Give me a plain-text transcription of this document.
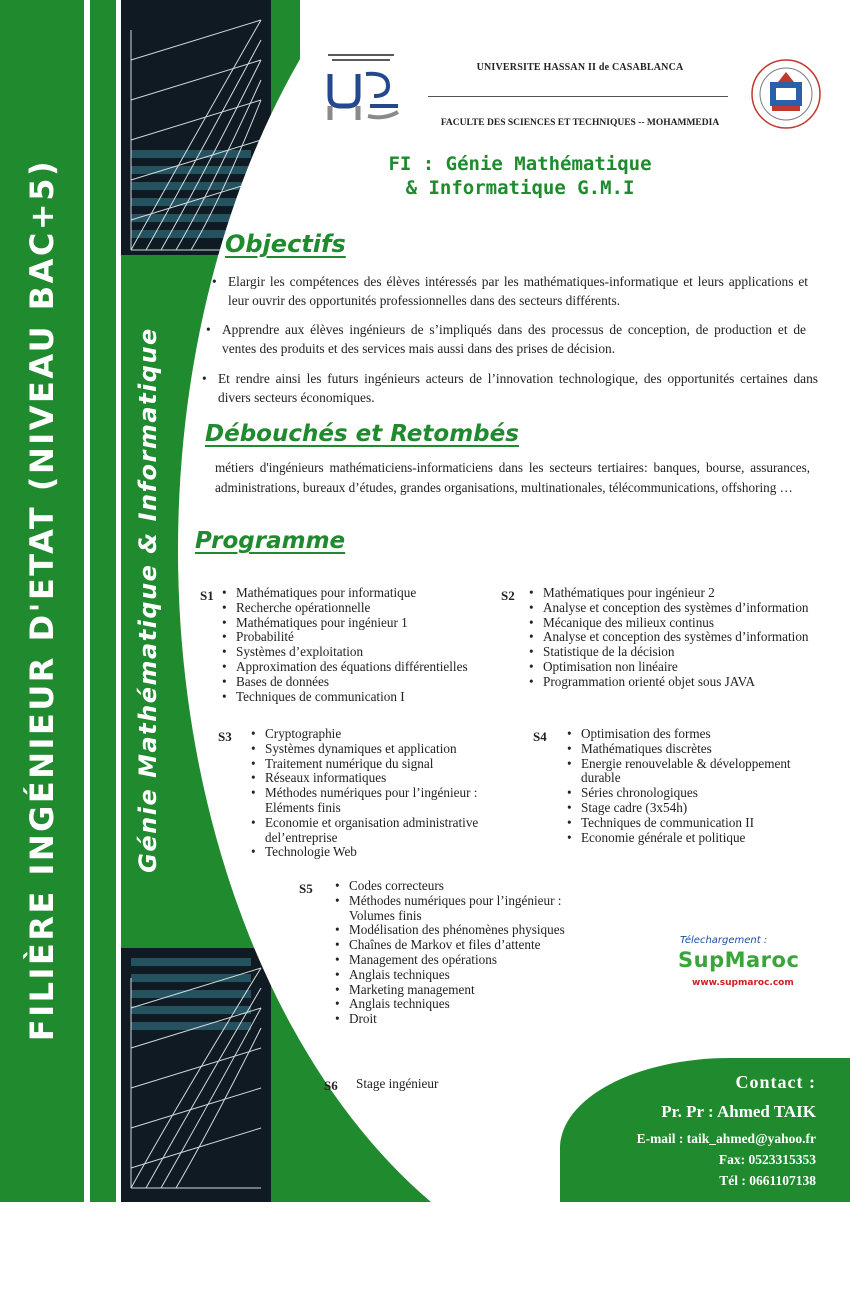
FILIÈRE INGÉNIEUR D'ETAT (NIVEAU BAC+5)	Génie Mathématique & Informatique
UNIVERSITE HASSAN II de CASABLANCA
FACULTE DES SCIENCES ET TECHNIQUES -- MOHAMMEDIA
FI : Génie Mathématique
& Informatique G.M.I
Objectifs
• Elargir les compétences des élèves intéressés par les mathématiques-informatique et leurs applications et leur ouvrir des opportunités professionnelles dans des secteurs différents.
• Apprendre aux élèves ingénieurs de s’impliqués dans des processus de conception, de production et de ventes des produits et des services mais aussi dans des prises de décision.
• Et rendre ainsi les futurs ingénieurs acteurs de l’innovation technologique, des opportunités certaines dans divers secteurs économiques.
Débouchés et Retombés
métiers d'ingénieurs mathématiciens-informaticiens dans les secteurs tertiaires: banques, bourse, assurances, administrations, bureaux d’études, grandes organisations, multinationales, télécommunications, offshoring …
Programme
S1	• Mathématiques pour informatique
• Recherche opérationnelle
• Mathématiques pour ingénieur 1
• Probabilité
• Systèmes d’exploitation
• Approximation des équations différentielles
• Bases de données
• Techniques de communication I
S2	• Mathématiques pour ingénieur 2
• Analyse et conception des systèmes d’information
• Mécanique des milieux continus
• Analyse et conception des systèmes d’information
• Statistique de la décision
• Optimisation non linéaire
• Programmation orienté objet sous JAVA
S3	• Cryptographie
• Systèmes dynamiques et application
• Traitement numérique du signal
• Réseaux informatiques
• Méthodes numériques pour l’ingénieur : Eléments finis
• Economie et organisation administrative del’entreprise
• Technologie Web
S4	• Optimisation des formes
• Mathématiques discrètes
• Energie renouvelable & développement durable
• Séries chronologiques
• Stage cadre (3x54h)
• Techniques de communication II
• Economie générale et politique
S5	• Codes correcteurs
• Méthodes numériques pour l’ingénieur : Volumes finis
• Modélisation des phénomènes physiques
• Chaînes de Markov et files d’attente
• Management des opérations
• Anglais techniques
• Marketing management
• Anglais techniques
• Droit
S6 Stage ingénieur
Télechargement :
SupMaroc
www.supmaroc.com
Contact :
Pr. Pr : Ahmed TAIK
E-mail : taik_ahmed@yahoo.fr
Fax: 0523315353
Tél : 0661107138
